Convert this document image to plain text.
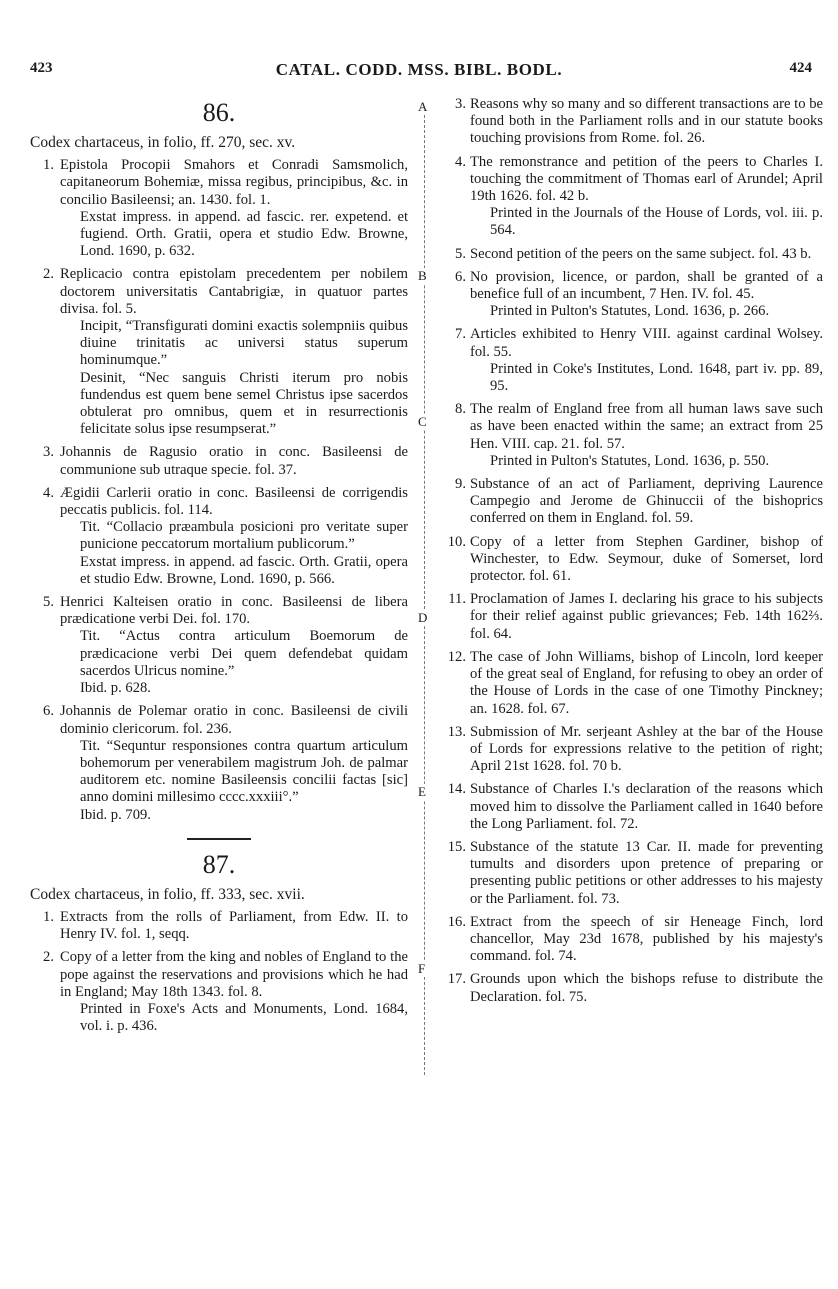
423	CATAL. CODD. MSS. BIBL. BODL.	424
A
B
C
D
E
F
86.
Codex chartaceus, in folio, ff. 270, sec. xv.
1. Epistola Procopii Smahors et Conradi Samsmolich, capitaneorum Bohemiæ, missa regibus, principibus, &c. in concilio Basileensi; an. 1430. fol. 1.
Exstat impress. in append. ad fascic. rer. expetend. et fugiend. Orth. Gratii, opera et studio Edw. Browne, Lond. 1690, p. 632.
2. Replicacio contra epistolam precedentem per nobilem doctorem universitatis Cantabrigiæ, in quatuor partes divisa. fol. 5.
Incipit, “Transfigurati domini exactis solempniis quibus diuine trinitatis ac universi status superum hominumque.”
Desinit, “Nec sanguis Christi iterum pro nobis fundendus est quem bene semel Christus ipse sacerdos obtulerat pro omnibus, quem et in resurrectionis felicitate solus ipse resumpserat.”
3. Johannis de Ragusio oratio in conc. Basileensi de communione sub utraque specie. fol. 37.
4. Ægidii Carlerii oratio in conc. Basileensi de corrigendis peccatis publicis. fol. 114.
Tit. “Collacio præambula posicioni pro veritate super punicione peccatorum mortalium publicorum.”
Exstat impress. in append. ad fascic. Orth. Gratii, opera et studio Edw. Browne, Lond. 1690, p. 566.
5. Henrici Kalteisen oratio in conc. Basileensi de libera prædicatione verbi Dei. fol. 170.
Tit. “Actus contra articulum Boemorum de prædicacione verbi Dei quem defendebat quidam sacerdos Ulricus nomine.”
Ibid. p. 628.
6. Johannis de Polemar oratio in conc. Basileensi de civili dominio clericorum. fol. 236.
Tit. “Sequntur responsiones contra quartum articulum bohemorum per venerabilem magistrum Joh. de palmar auditorem etc. nomine Basileensis concilii factas [sic] anno domini millesimo cccc.xxxiii°.”
Ibid. p. 709.
87.
Codex chartaceus, in folio, ff. 333, sec. xvii.
1. Extracts from the rolls of Parliament, from Edw. II. to Henry IV. fol. 1, seqq.
2. Copy of a letter from the king and nobles of England to the pope against the reservations and provisions which he had in England; May 18th 1343. fol. 8.
Printed in Foxe's Acts and Monuments, Lond. 1684, vol. i. p. 436.
3. Reasons why so many and so different transactions are to be found both in the Parliament rolls and in our statute books touching provisions from Rome. fol. 26.
4. The remonstrance and petition of the peers to Charles I. touching the commitment of Thomas earl of Arundel; April 19th 1626. fol. 42 b.
Printed in the Journals of the House of Lords, vol. iii. p. 564.
5. Second petition of the peers on the same subject. fol. 43 b.
6. No provision, licence, or pardon, shall be granted of a benefice full of an incumbent, 7 Hen. IV. fol. 45.
Printed in Pulton's Statutes, Lond. 1636, p. 266.
7. Articles exhibited to Henry VIII. against cardinal Wolsey. fol. 55.
Printed in Coke's Institutes, Lond. 1648, part iv. pp. 89, 95.
8. The realm of England free from all human laws save such as have been enacted within the same; an extract from 25 Hen. VIII. cap. 21. fol. 57.
Printed in Pulton's Statutes, Lond. 1636, p. 550.
9. Substance of an act of Parliament, depriving Laurence Campegio and Jerome de Ghinuccii of the bishoprics conferred on them in England. fol. 59.
10. Copy of a letter from Stephen Gardiner, bishop of Winchester, to Edw. Seymour, duke of Somerset, lord protector. fol. 61.
11. Proclamation of James I. declaring his grace to his subjects for their relief against public grievances; Feb. 14th 162⅔. fol. 64.
12. The case of John Williams, bishop of Lincoln, lord keeper of the great seal of England, for refusing to obey an order of the House of Lords in the case of one Timothy Pinckney; an. 1628. fol. 67.
13. Submission of Mr. serjeant Ashley at the bar of the House of Lords for expressions relative to the petition of right; April 21st 1628. fol. 70 b.
14. Substance of Charles I.'s declaration of the reasons which moved him to dissolve the Parliament called in 1640 before the Long Parliament. fol. 72.
15. Substance of the statute 13 Car. II. made for preventing tumults and disorders upon pretence of preparing or presenting public petitions or other addresses to his majesty or the Parliament. fol. 73.
16. Extract from the speech of sir Heneage Finch, lord chancellor, May 23d 1678, published by his majesty's command. fol. 74.
17. Grounds upon which the bishops refuse to distribute the Declaration. fol. 75.
